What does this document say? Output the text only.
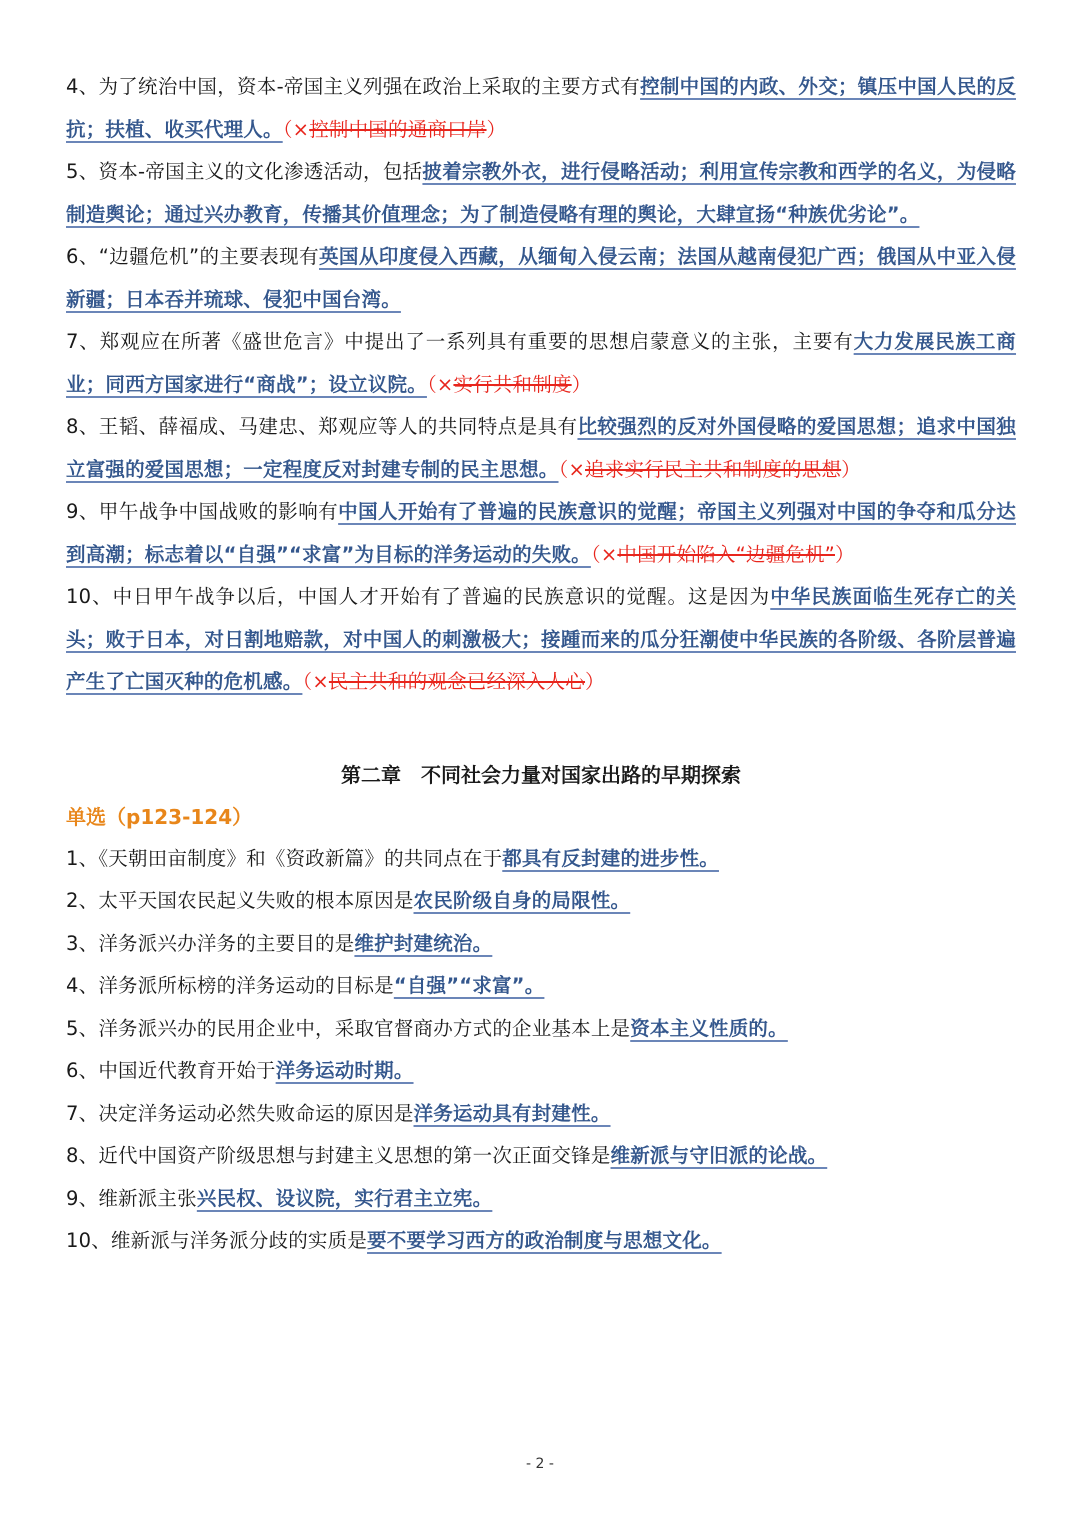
4、为了统治中国，资本-帝国主义列强在政治上采取的主要方式有控制中国的内政、外交；镇压中国人民的反抗；扶植、收买代理人。（×控制中国的通商口岸）

5、资本-帝国主义的文化渗透活动，包括披着宗教外衣，进行侵略活动；利用宣传宗教和西学的名义，为侵略制造舆论；通过兴办教育，传播其价值理念；为了制造侵略有理的舆论，大肆宣扬“种族优劣论”。

6、“边疆危机”的主要表现有英国从印度侵入西藏，从缅甸入侵云南；法国从越南侵犯广西；俄国从中亚入侵新疆；日本吞并琉球、侵犯中国台湾。

7、郑观应在所著《盛世危言》中提出了一系列具有重要的思想启蒙意义的主张，主要有大力发展民族工商业；同西方国家进行“商战”；设立议院。（×实行共和制度）

8、王韬、薛福成、马建忠、郑观应等人的共同特点是具有比较强烈的反对外国侵略的爱国思想；追求中国独立富强的爱国思想；一定程度反对封建专制的民主思想。（×追求实行民主共和制度的思想）

9、甲午战争中国战败的影响有中国人开始有了普遍的民族意识的觉醒；帝国主义列强对中国的争夺和瓜分达到高潮；标志着以“自强”“求富”为目标的洋务运动的失败。（×中国开始陷入“边疆危机”）

10、中日甲午战争以后，中国人才开始有了普遍的民族意识的觉醒。这是因为中华民族面临生死存亡的关头；败于日本，对日割地赔款，对中国人的刺激极大；接踵而来的瓜分狂潮使中华民族的各阶级、各阶层普遍产生了亡国灭种的危机感。（×民主共和的观念已经深入人心）

第二章　不同社会力量对国家出路的早期探索
单选（p123-124）

1、《天朝田亩制度》和《资政新篇》的共同点在于都具有反封建的进步性。

2、太平天国农民起义失败的根本原因是农民阶级自身的局限性。

3、洋务派兴办洋务的主要目的是维护封建统治。

4、洋务派所标榜的洋务运动的目标是“自强”“求富”。

5、洋务派兴办的民用企业中，采取官督商办方式的企业基本上是资本主义性质的。

6、中国近代教育开始于洋务运动时期。

7、决定洋务运动必然失败命运的原因是洋务运动具有封建性。

8、近代中国资产阶级思想与封建主义思想的第一次正面交锋是维新派与守旧派的论战。

9、维新派主张兴民权、设议院，实行君主立宪。

10、维新派与洋务派分歧的实质是要不要学习西方的政治制度与思想文化。

- 2 -
